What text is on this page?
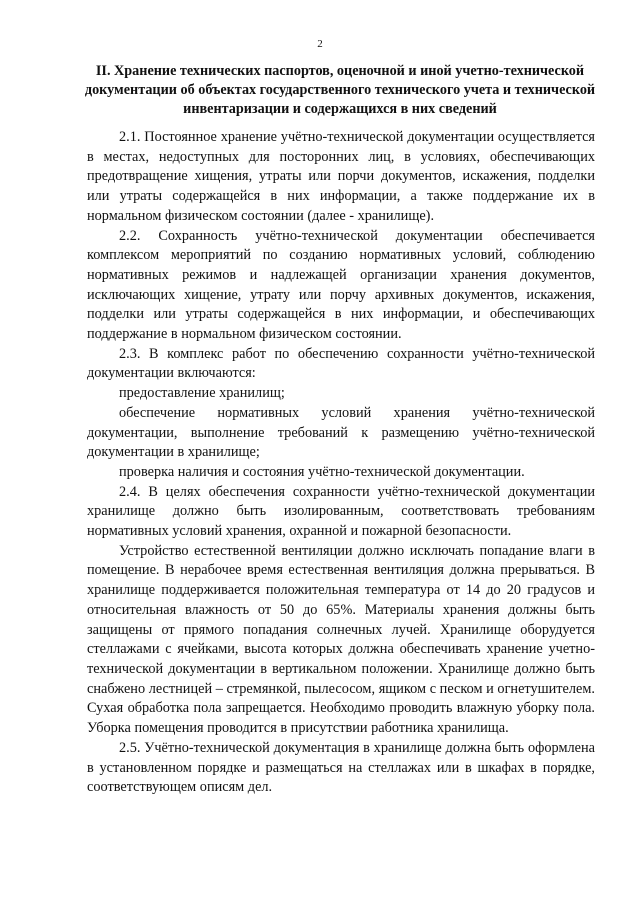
2
II. Хранение технических паспортов, оценочной и иной учетно-технической документации об объектах государственного технического учета и технической инвентаризации и содержащихся в них сведений

2.1. Постоянное хранение учётно-технической документации осуществляется в местах, недоступных для посторонних лиц, в условиях, обеспечивающих предотвращение хищения, утраты или порчи документов, искажения, подделки или утраты содержащейся в них информации, а также поддержание их в нормальном физическом состоянии (далее - хранилище).

2.2. Сохранность учётно-технической документации обеспечивается комплексом мероприятий по созданию нормативных условий, соблюдению нормативных режимов и надлежащей организации хранения документов, исключающих хищение, утрату или порчу архивных документов, искажения, подделки или утраты содержащейся в них информации, и обеспечивающих поддержание в нормальном физическом состоянии.

2.3. В комплекс работ по обеспечению сохранности учётно-технической документации включаются:

предоставление хранилищ;

обеспечение нормативных условий хранения учётно-технической документации, выполнение требований к размещению учётно-технической документации в хранилище;

проверка наличия и состояния учётно-технической документации.

2.4. В целях обеспечения сохранности учётно-технической документации хранилище должно быть изолированным, соответствовать требованиям нормативных условий хранения, охранной и пожарной безопасности.

Устройство естественной вентиляции должно исключать попадание влаги в помещение. В нерабочее время естественная вентиляция должна прерываться. В хранилище поддерживается положительная температура от 14 до 20 градусов и относительная влажность от 50 до 65%. Материалы хранения должны быть защищены от прямого попадания солнечных лучей. Хранилище оборудуется стеллажами с ячейками, высота которых должна обеспечивать хранение учетно-технической документации в вертикальном положении. Хранилище должно быть снабжено лестницей – стремянкой, пылесосом, ящиком с песком и огнетушителем. Сухая обработка пола запрещается. Необходимо проводить влажную уборку пола. Уборка помещения проводится в присутствии работника хранилища.

2.5. Учётно-технической документация в хранилище должна быть оформлена в установленном порядке и размещаться на стеллажах или в шкафах в порядке, соответствующем описям дел.
